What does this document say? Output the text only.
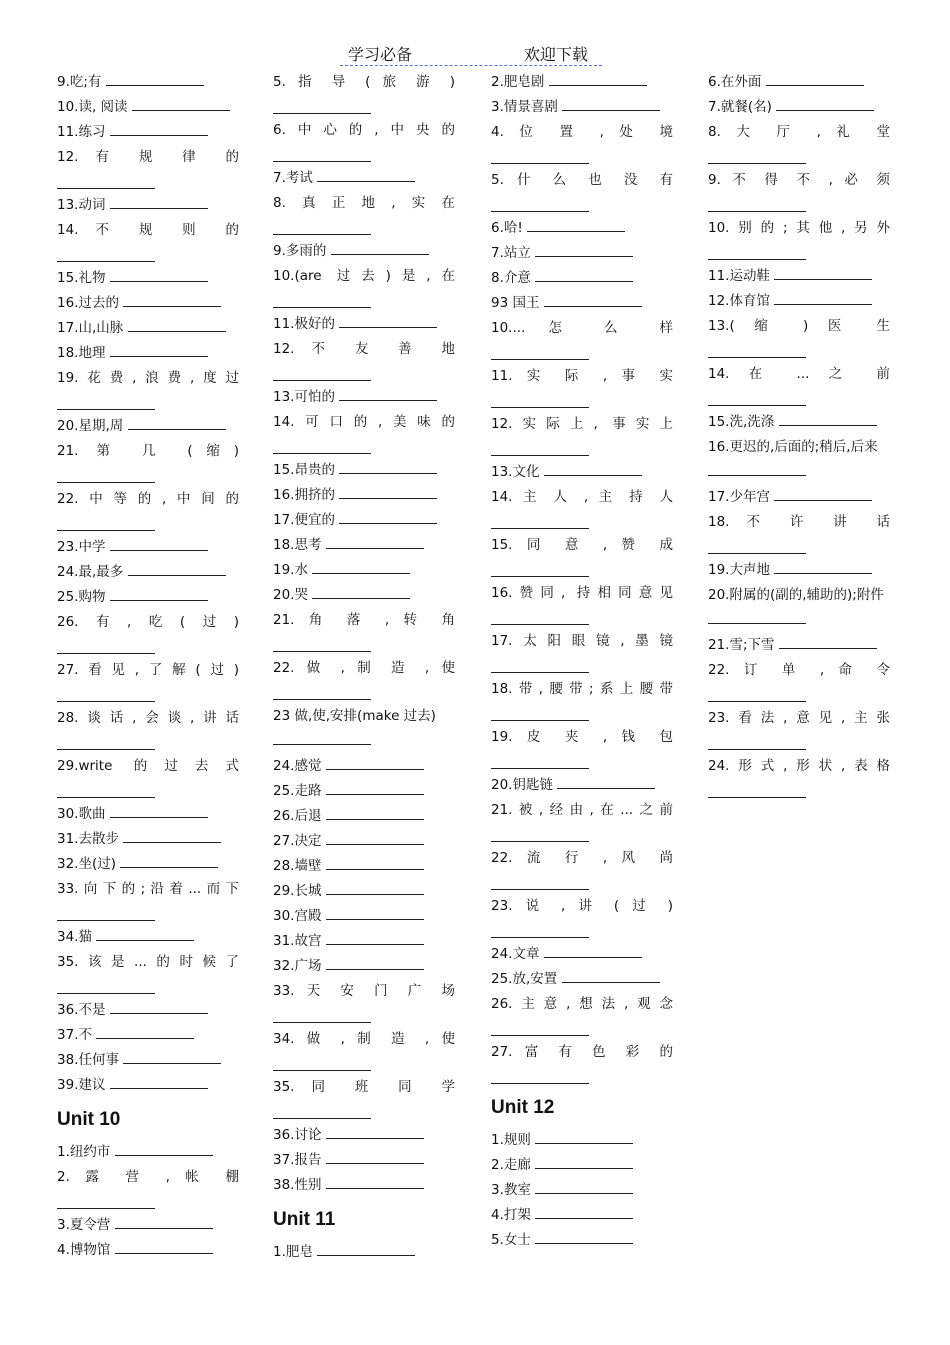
学习必备	欢迎下载
9.吃;有
10.读, 阅读
11.练习
12. 有 规 律 的
13.动词
14. 不 规 则 的
15.礼物
16.过去的
17.山,山脉
18.地理
19.花费,浪费,度过
20.星期,周
21. 第 几 (缩)
22.中等的,中间的
23.中学
24.最,最多
25.购物
26.有,吃(过)
27.看见,了解(过)
28.谈话,会谈,讲话
29.write 的过去式
30.歌曲
31.去散步
32.坐(过)
33.向下的;沿着...而下
34.猫
35.该是...的时候了
36.不是
37.不
38.任何事
39.建议
Unit 10
1.纽约市
2. 露 营 , 帐 棚
3.夏令营
4.博物馆
5. 指 导 ( 旅 游 )
6.中心的,中央的
7.考试
8.真正地,实在
9.多雨的
10.(are 过去)是,在
11.极好的
12. 不 友 善 地
13.可怕的
14.可口的,美味的
15.昂贵的
16.拥挤的
17.便宜的
18.思考
19.水
20.哭
21. 角 落 , 转 角
22. 做 , 制 造 , 使
23 做,使,安排(make 过去)
24.感觉
25.走路
26.后退
27.决定
28.墙壁
29.长城
30.宫殿
31.故宫
32.广场
33. 天 安 门 广 场
34. 做 , 制 造 , 使
35. 同 班 同 学
36.讨论
37.报告
38.性别
Unit 11
1.肥皂
2.肥皂剧
3.情景喜剧
4. 位 置 , 处 境
5. 什 么 也 没 有
6.哈!
7.站立
8.介意
93 国王
10.... 怎 么 样
11. 实 际 , 事 实
12.实际上, 事实上
13.文化
14. 主 人 , 主 持 人
15. 同 意 , 赞 成
16.赞同, 持相同意见
17.太阳眼镜,墨镜
18.带,腰带;系上腰带
19. 皮 夹 , 钱 包
20.钥匙链
21.被,经由,在...之前
22. 流 行 , 风 尚
23. 说 , 讲 ( 过 )
24.文章
25.放,安置
26.主意,想法,观念
27. 富 有 色 彩 的
Unit 12
1.规则
2.走廊
3.教室
4.打架
5.女士
6.在外面
7.就餐(名)
8. 大 厅 , 礼 堂
9. 不 得 不 , 必 须
10.别的;其他,另外
11.运动鞋
12.体育馆
13.( 缩 ) 医 生
14. 在 ... 之 前
15.洗,洗涤
16.更迟的,后面的;稍后,后来
17.少年宫
18. 不 许 讲 话
19.大声地
20.附属的(副的,辅助的);附件
21.雪;下雪
22. 订 单 , 命 令
23.看法,意见,主张
24.形式,形状,表格
